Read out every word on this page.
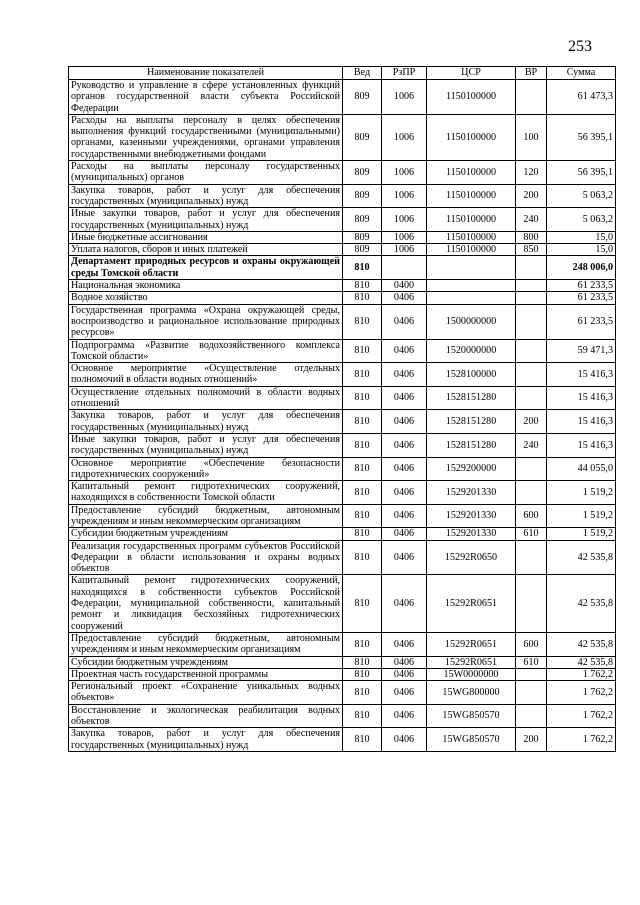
253
Наименование показателей	Вед	РзПР	ЦСР	ВР	Сумма
Руководство и управление в сфере установленных функций органов государственной власти субъекта Российской Федерации	809	1006	1150100000		61 473,3
Расходы на выплаты персоналу в целях обеспечения выполнения функций государственными (муниципальными) органами, казенными учреждениями, органами управления государственными внебюджетными фондами	809	1006	1150100000	100	56 395,1
Расходы на выплаты персоналу государственных (муниципальных) органов	809	1006	1150100000	120	56 395,1
Закупка товаров, работ и услуг для обеспечения государственных (муниципальных) нужд	809	1006	1150100000	200	5 063,2
Иные закупки товаров, работ и услуг для обеспечения государственных (муниципальных) нужд	809	1006	1150100000	240	5 063,2
Иные бюджетные ассигнования	809	1006	1150100000	800	15,0
Уплата налогов, сборов и иных платежей	809	1006	1150100000	850	15,0
Департамент природных ресурсов и охраны окружающей среды Томской области	810				248 006,0
Национальная экономика	810	0400			61 233,5
Водное хозяйство	810	0406			61 233,5
Государственная программа «Охрана окружающей среды, воспроизводство и рациональное использование природных ресурсов»	810	0406	1500000000		61 233,5
Подпрограмма «Развитие водохозяйственного комплекса Томской области»	810	0406	1520000000		59 471,3
Основное мероприятие «Осуществление отдельных полномочий в области водных отношений»	810	0406	1528100000		15 416,3
Осуществление отдельных полномочий в области водных отношений	810	0406	1528151280		15 416,3
Закупка товаров, работ и услуг для обеспечения государственных (муниципальных) нужд	810	0406	1528151280	200	15 416,3
Иные закупки товаров, работ и услуг для обеспечения государственных (муниципальных) нужд	810	0406	1528151280	240	15 416,3
Основное мероприятие «Обеспечение безопасности гидротехнических сооружений»	810	0406	1529200000		44 055,0
Капитальный ремонт гидротехнических сооружений, находящихся в собственности Томской области	810	0406	1529201330		1 519,2
Предоставление субсидий бюджетным, автономным учреждениям и иным некоммерческим организациям	810	0406	1529201330	600	1 519,2
Субсидии бюджетным учреждениям	810	0406	1529201330	610	1 519,2
Реализация государственных программ субъектов Российской Федерации в области использования и охраны водных объектов	810	0406	15292R0650		42 535,8
Капитальный ремонт гидротехнических сооружений, находящихся в собственности субъектов Российской Федерации, муниципальной собственности, капитальный ремонт и ликвидация бесхозяйных гидротехнических сооружений	810	0406	15292R0651		42 535,8
Предоставление субсидий бюджетным, автономным учреждениям и иным некоммерческим организациям	810	0406	15292R0651	600	42 535,8
Субсидии бюджетным учреждениям	810	0406	15292R0651	610	42 535,8
Проектная часть государственной программы	810	0406	15W0000000		1 762,2
Региональный проект «Сохранение уникальных водных объектов»	810	0406	15WG800000		1 762,2
Восстановление и экологическая реабилитация водных объектов	810	0406	15WG850570		1 762,2
Закупка товаров, работ и услуг для обеспечения государственных (муниципальных) нужд	810	0406	15WG850570	200	1 762,2
